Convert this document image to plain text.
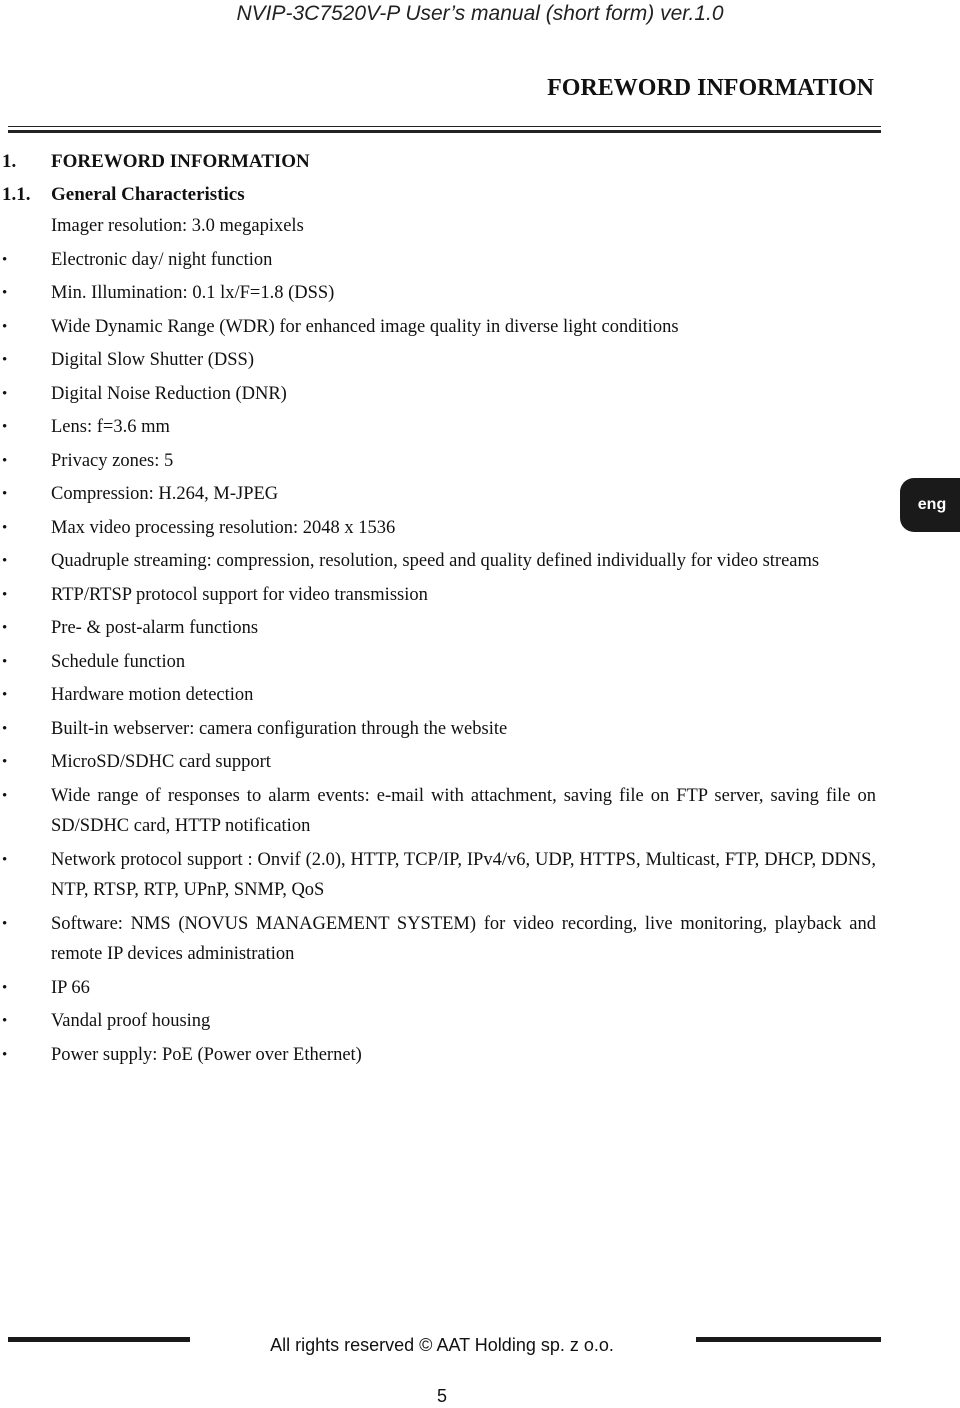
NVIP-3C7520V-P User’s manual (short form) ver.1.0
FOREWORD INFORMATION
1. FOREWORD INFORMATION
1.1. General Characteristics
Imager resolution: 3.0 megapixels
• Electronic day/ night function
• Min. Illumination: 0.1 lx/F=1.8 (DSS)
• Wide Dynamic Range (WDR) for enhanced image quality in diverse light conditions
• Digital Slow Shutter (DSS)
• Digital Noise Reduction (DNR)
• Lens: f=3.6 mm
• Privacy zones: 5
• Compression: H.264, M-JPEG
• Max video processing resolution: 2048 x 1536
• Quadruple streaming: compression, resolution, speed and quality defined individually for video streams
• RTP/RTSP protocol support for video transmission
• Pre- & post-alarm functions
• Schedule function
• Hardware motion detection
• Built-in webserver: camera configuration through the website
• MicroSD/SDHC card support
• Wide range of responses to alarm events: e-mail with attachment, saving file on FTP server, saving file on SD/SDHC card, HTTP notification
• Network protocol support : Onvif (2.0), HTTP, TCP/IP, IPv4/v6, UDP, HTTPS, Multicast, FTP, DHCP, DDNS, NTP, RTSP, RTP, UPnP, SNMP, QoS
• Software: NMS (NOVUS MANAGEMENT SYSTEM) for video recording, live monitoring, playback and remote IP devices administration
• IP 66
• Vandal proof housing
• Power supply: PoE (Power over Ethernet)
eng
All rights reserved © AAT Holding sp. z o.o.
5
